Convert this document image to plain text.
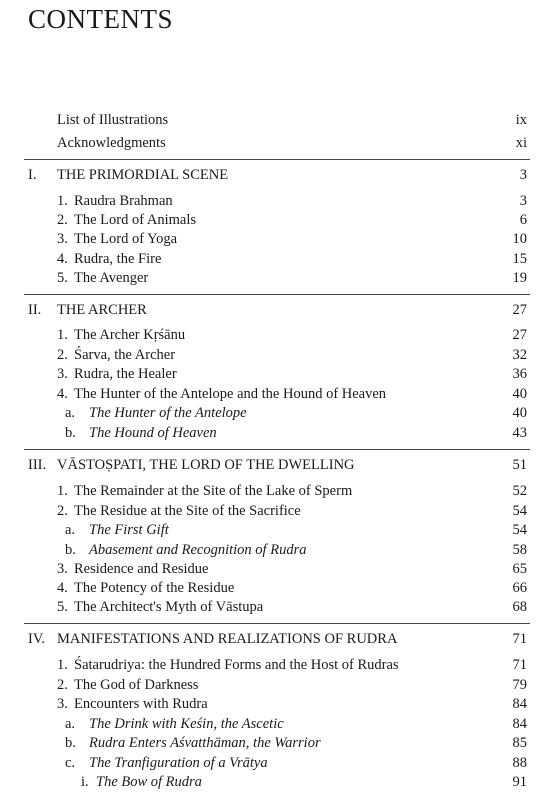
CONTENTS
List of Illustrations	ix
Acknowledgments	xi
I. THE PRIMORDIAL SCENE	3
1. Raudra Brahman	3
2. The Lord of Animals	6
3. The Lord of Yoga	10
4. Rudra, the Fire	15
5. The Avenger	19
II. THE ARCHER	27
1. The Archer Kṛśānu	27
2. Śarva, the Archer	32
3. Rudra, the Healer	36
4. The Hunter of the Antelope and the Hound of Heaven	40
a. The Hunter of the Antelope	40
b. The Hound of Heaven	43
III. VĀSTOṢPATI, THE LORD OF THE DWELLING	51
1. The Remainder at the Site of the Lake of Sperm	52
2. The Residue at the Site of the Sacrifice	54
a. The First Gift	54
b. Abasement and Recognition of Rudra	58
3. Residence and Residue	65
4. The Potency of the Residue	66
5. The Architect's Myth of Vāstupa	68
IV. MANIFESTATIONS AND REALIZATIONS OF RUDRA	71
1. Śatarudriya: the Hundred Forms and the Host of Rudras	71
2. The God of Darkness	79
3. Encounters with Rudra	84
a. The Drink with Keśin, the Ascetic	84
b. Rudra Enters Aśvatthāman, the Warrior	85
c. The Tranfiguration of a Vrātya	88
i. The Bow of Rudra	91
